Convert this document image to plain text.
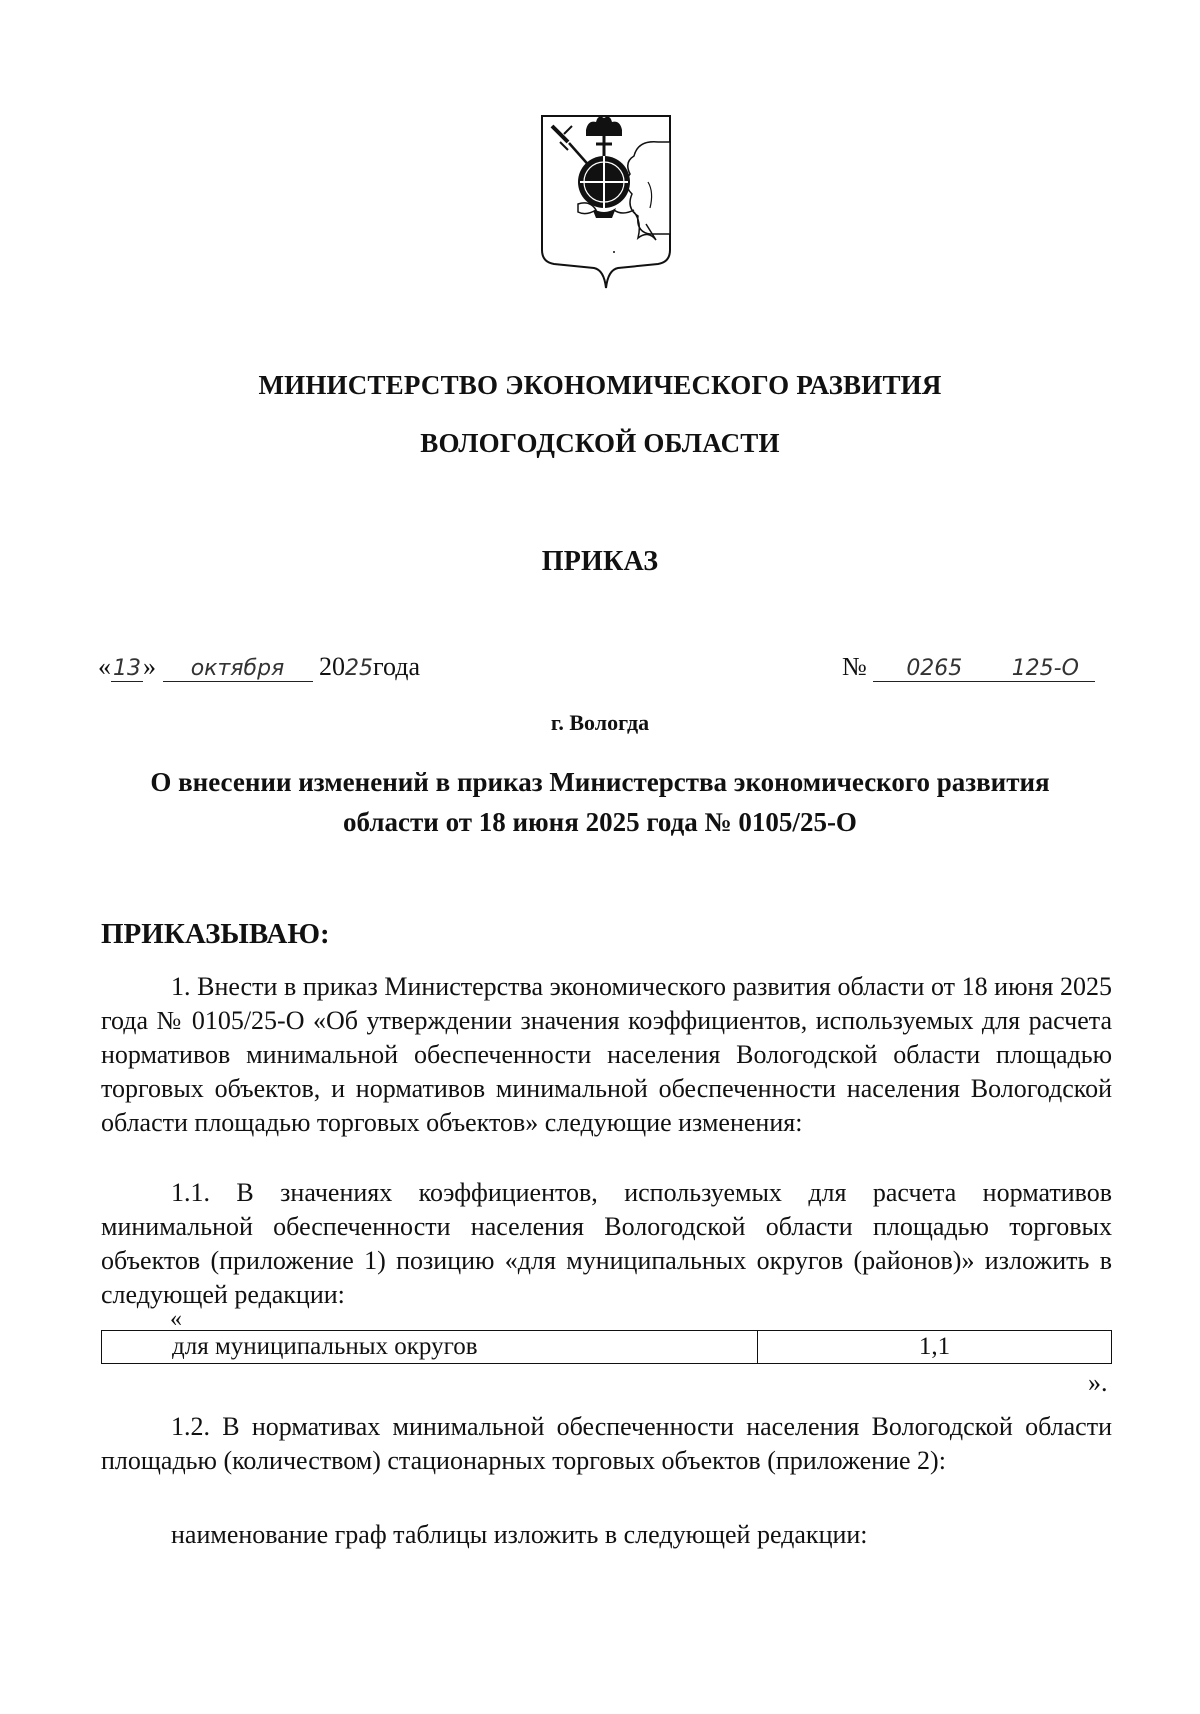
МИНИСТЕРСТВО ЭКОНОМИЧЕСКОГО РАЗВИТИЯ
ВОЛОГОДСКОЙ ОБЛАСТИ
ПРИКАЗ
«13» октября 2025года	№ 0265 125-О
г. Вологда
О внесении изменений в приказ Министерства экономического развития области от 18 июня 2025 года № 0105/25-О
ПРИКАЗЫВАЮ:

1. Внести в приказ Министерства экономического развития области от 18 июня 2025 года № 0105/25-О «Об утверждении значения коэффициентов, используемых для расчета нормативов минимальной обеспеченности населения Вологодской области площадью торговых объектов, и нормативов минимальной обеспеченности населения Вологодской области площадью торговых объектов» следующие изменения:

1.1. В значениях коэффициентов, используемых для расчета нормативов минимальной обеспеченности населения Вологодской области площадью торговых объектов (приложение 1) позицию «для муниципальных округов (районов)» изложить в следующей редакции:

«
для муниципальных округов	1,1
».

1.2. В нормативах минимальной обеспеченности населения Вологодской области площадью (количеством) стационарных торговых объектов (приложение 2):

наименование граф таблицы изложить в следующей редакции:
